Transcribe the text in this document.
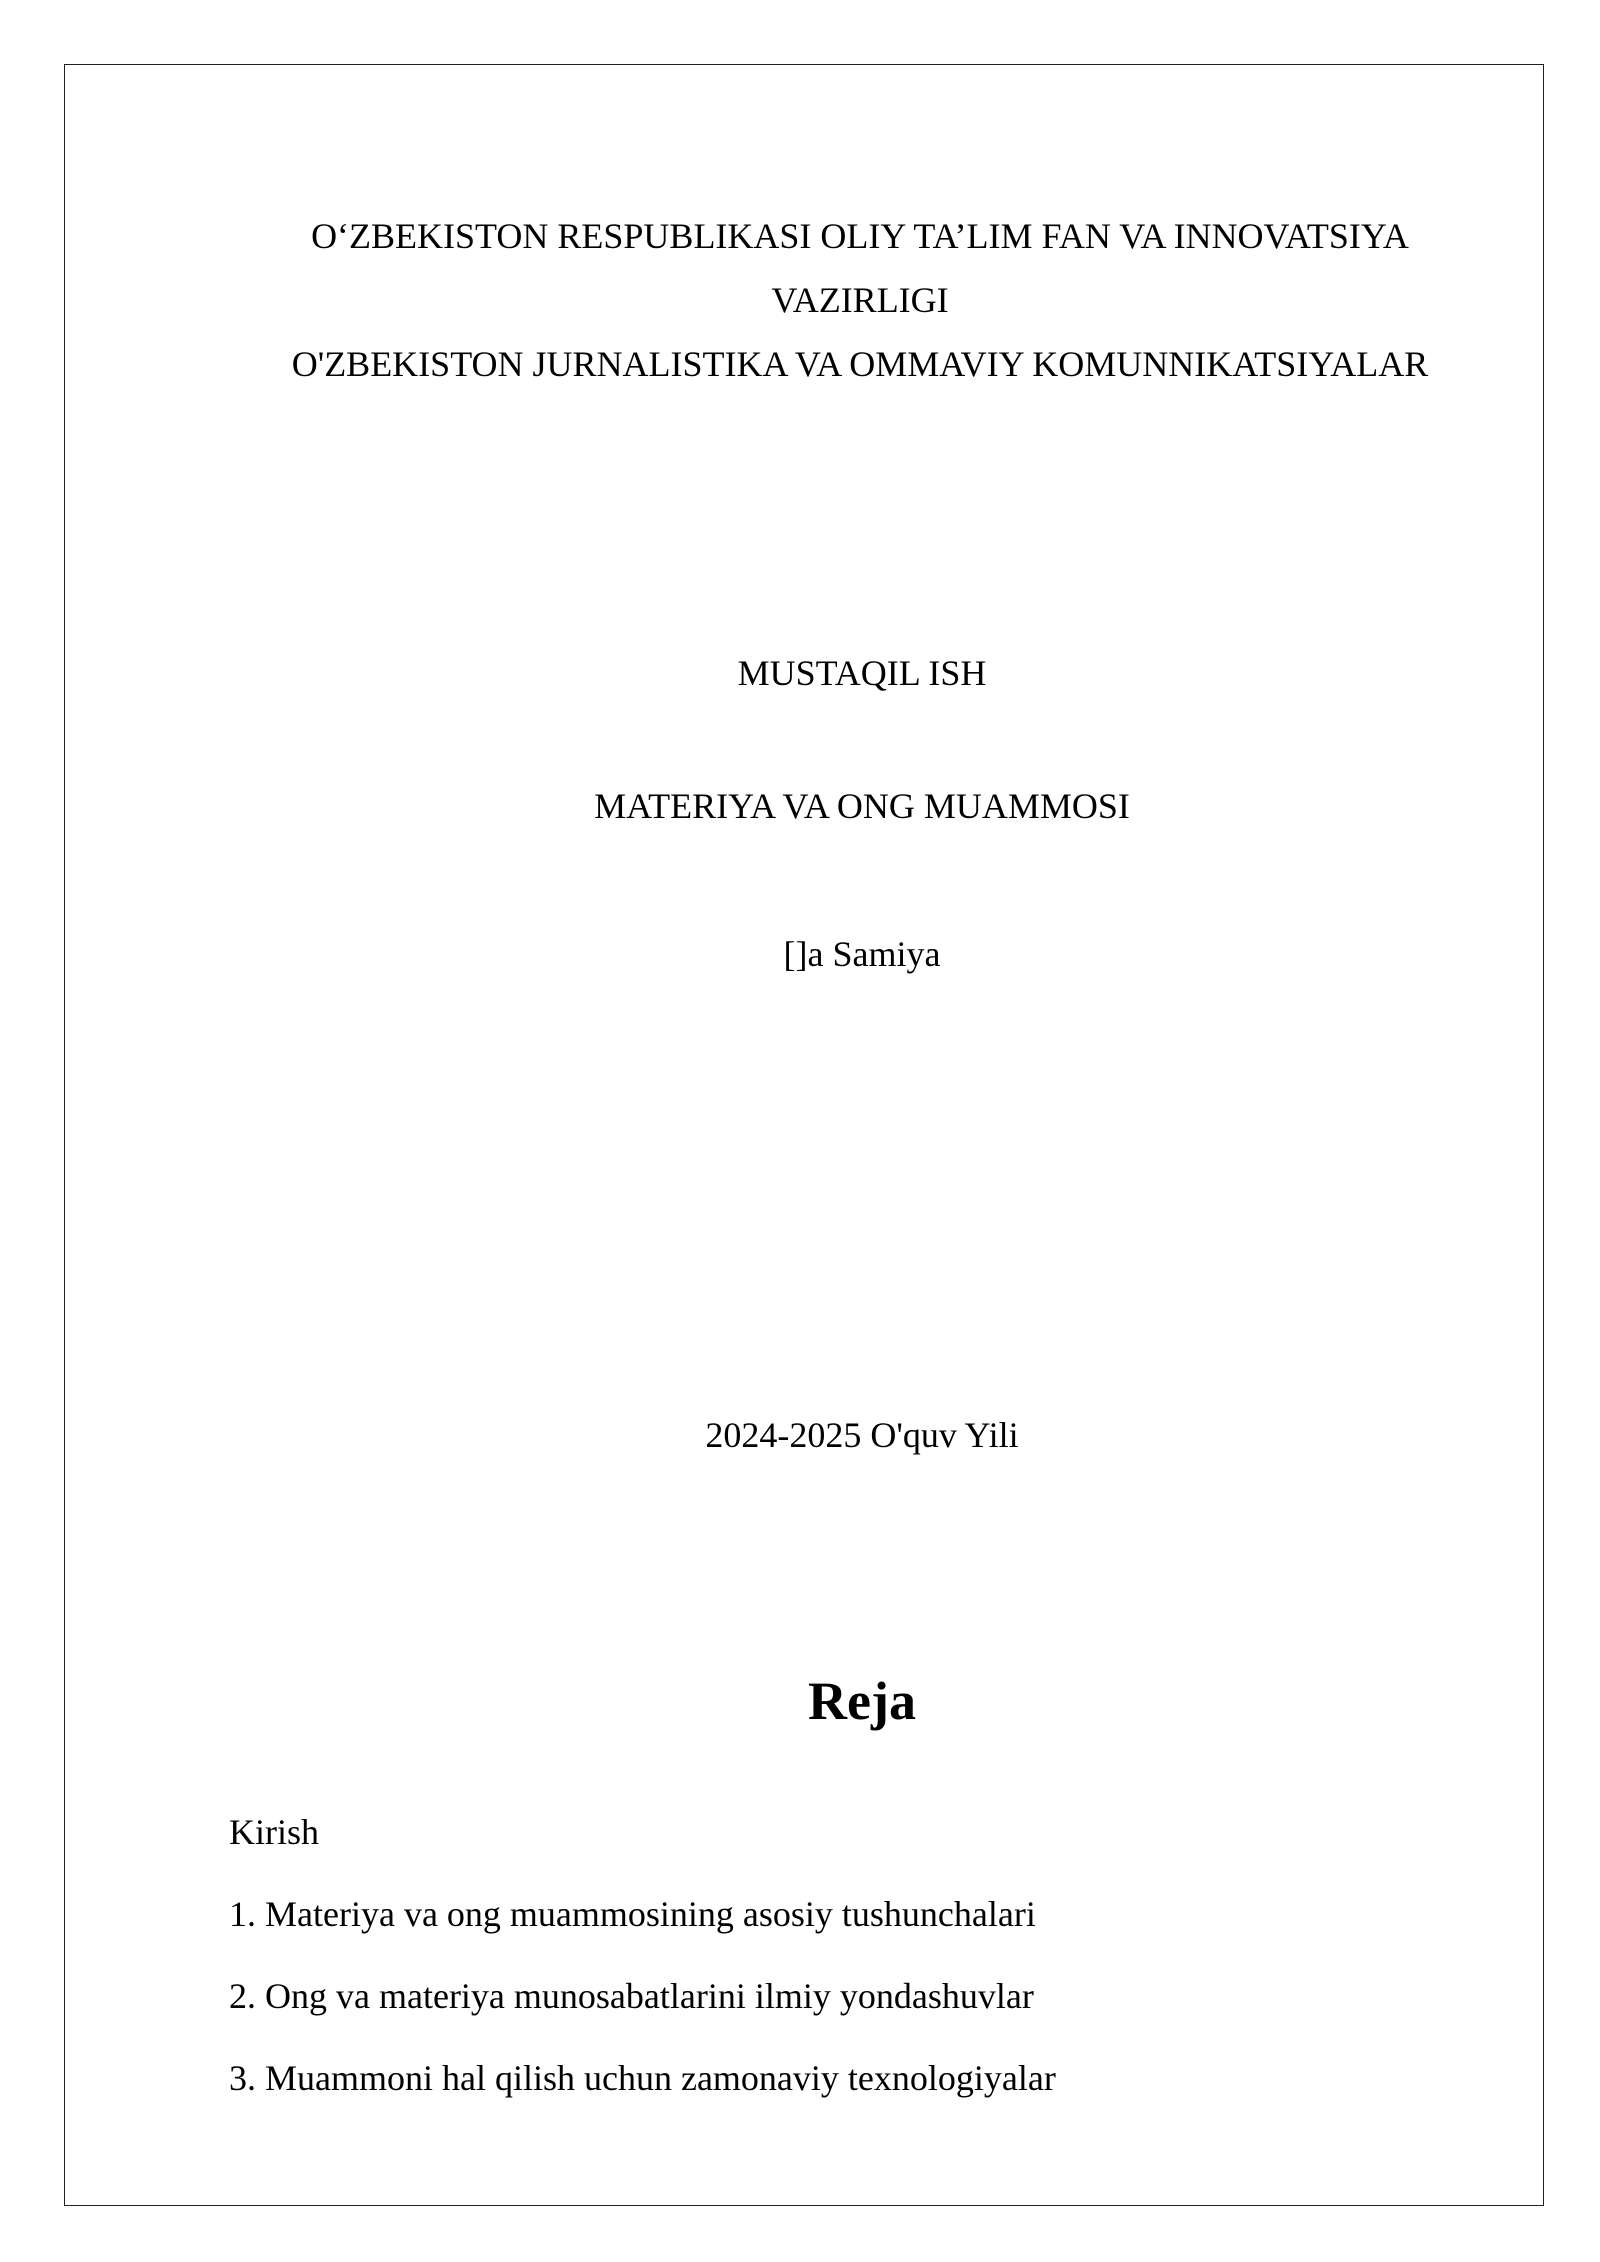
O‘ZBEKISTON RESPUBLIKASI OLIY TA’LIM FAN VA INNOVATSIYA
VAZIRLIGI
O'ZBEKISTON JURNALISTIKA VA OMMAVIY KOMUNNIKATSIYALAR
MUSTAQIL ISH
MATERIYA VA ONG MUAMMOSI
[]a Samiya
2024-2025 O'quv Yili
Reja
Kirish
1. Materiya va ong muammosining asosiy tushunchalari
2. Ong va materiya munosabatlarini ilmiy yondashuvlar
3. Muammoni hal qilish uchun zamonaviy texnologiyalar
